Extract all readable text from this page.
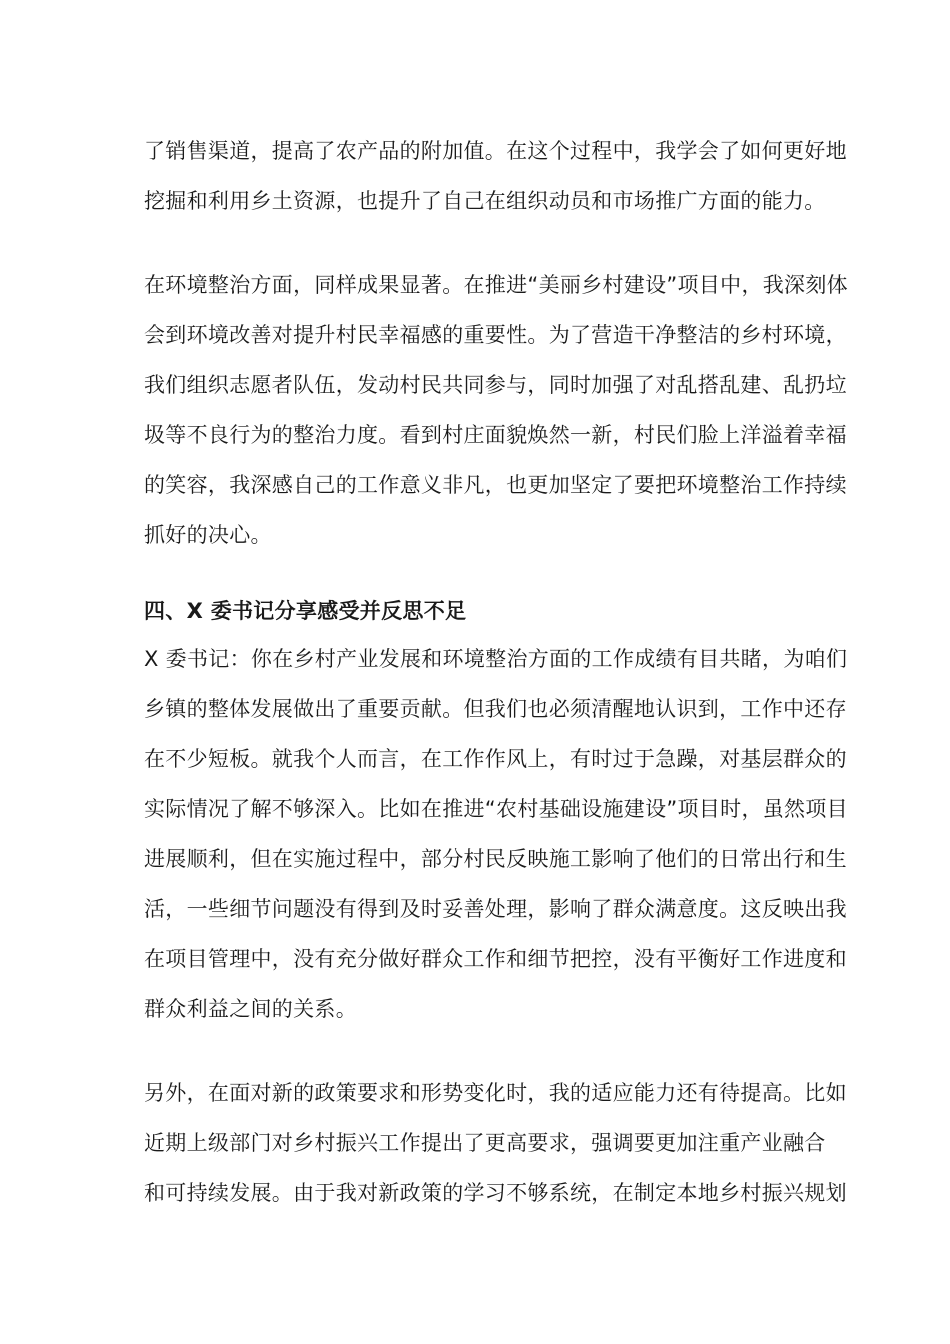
了销售渠道，提高了农产品的附加值。在这个过程中，我学会了如何更好地
挖掘和利用乡土资源，也提升了自己在组织动员和市场推广方面的能力。

在环境整治方面，同样成果显著。在推进“美丽乡村建设”项目中，我深刻体
会到环境改善对提升村民幸福感的重要性。为了营造干净整洁的乡村环境，
我们组织志愿者队伍，发动村民共同参与，同时加强了对乱搭乱建、乱扔垃
圾等不良行为的整治力度。看到村庄面貌焕然一新，村民们脸上洋溢着幸福
的笑容，我深感自己的工作意义非凡，也更加坚定了要把环境整治工作持续
抓好的决心。

四、X 委书记分享感受并反思不足

X 委书记：你在乡村产业发展和环境整治方面的工作成绩有目共睹，为咱们
乡镇的整体发展做出了重要贡献。但我们也必须清醒地认识到，工作中还存
在不少短板。就我个人而言，在工作作风上，有时过于急躁，对基层群众的
实际情况了解不够深入。比如在推进“农村基础设施建设”项目时，虽然项目
进展顺利，但在实施过程中，部分村民反映施工影响了他们的日常出行和生
活，一些细节问题没有得到及时妥善处理，影响了群众满意度。这反映出我
在项目管理中，没有充分做好群众工作和细节把控，没有平衡好工作进度和
群众利益之间的关系。

另外，在面对新的政策要求和形势变化时，我的适应能力还有待提高。比如
近期上级部门对乡村振兴工作提出了更高要求，强调要更加注重产业融合
和可持续发展。由于我对新政策的学习不够系统，在制定本地乡村振兴规划
